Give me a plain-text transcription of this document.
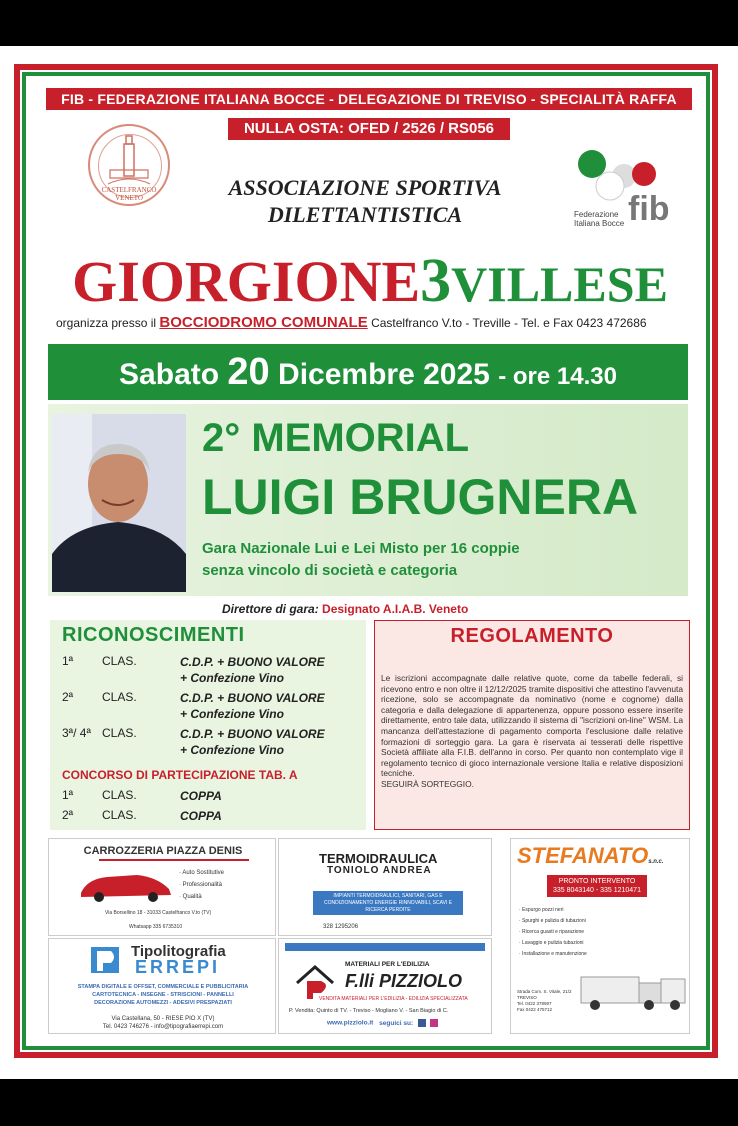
FIB - FEDERAZIONE ITALIANA BOCCE - DELEGAZIONE DI TREVISO - SPECIALITÀ RAFFA
NULLA OSTA: OFED / 2526 / RS056
CASTELFRANCO VENETO	ASSOCIAZIONE SPORTIVA
DILETTANTISTICA	Federazione
Italiana Bocce fib
GIORGIONE3VILLESE
organizza presso il BOCCIODROMO COMUNALE Castelfranco V.to - Treville - Tel. e Fax 0423 472686
Sabato 20 Dicembre 2025 - ore 14.30
2° MEMORIAL
LUIGI BRUGNERA
Gara Nazionale Lui e Lei Misto per 16 coppie
senza vincolo di società e categoria
Direttore di gara: Designato A.I.A.B. Veneto
RICONOSCIMENTI
1ª	CLAS.	C.D.P. + BUONO VALORE
+ Confezione Vino
2ª	CLAS.	C.D.P. + BUONO VALORE
+ Confezione Vino
3ª/ 4ª CLAS.	C.D.P. + BUONO VALORE
+ Confezione Vino
CONCORSO DI PARTECIPAZIONE TAB. A
1ª	CLAS.	COPPA
2ª	CLAS.	COPPA
REGOLAMENTO
Le iscrizioni accompagnate dalle relative quote, come da tabelle federali, si ricevono entro e non oltre il 12/12/2025 tramite dispositivi che attestino l'avvenuta ricezione, solo se accompagnate da nominativo (nome e cognome) dalla categoria e dalla delegazione di appartenenza, oppure possono essere inserite direttamente, entro tale data, utilizzando il sistema di "iscrizioni on-line" WSM. La mancanza dell'attestazione di pagamento comporta l'esclusione dalle relative formazioni di sorteggio gara. La gara è riservata ai tesserati delle rispettive Società affiliate alla F.I.B. dell'anno in corso. Per quanto non contemplato vige il regolamento tecnico di gioco internazionale versione Italia e relative disposizioni tecniche.
SEGUIRÀ SORTEGGIO.
CARROZZERIA PIAZZA DENIS
· Auto Sostitutive
· Professionalità
· Qualità
Via Borsellino 18 - 31033 Castelfranco V.to (TV)
Whatsapp 335 6735310
TERMOIDRAULICA
TONIOLO ANDREA
IMPIANTI TERMOIDRAULICI, SANITARI, GAS E CONDIZIONAMENTO ENERGIE RINNOVABILI, SCAVI E RICERCA PERDITE
328 1295206
STEFANATOs.n.c.
PRONTO INTERVENTO
335 8043140 - 335 1210471
· Espurgo pozzi neri
· Spurghi e pulizia di tubazioni
· Ricerca guasti e riparazione
· Lavaggio e pulizia tubazioni
· Installazione e manutenzione
Strada Com. S. Vitale, 21/2 TREVISO
Tel. 0422 378997
Fax 0422 475712
Tipolitografia
ERREPI
STAMPA DIGITALE E OFFSET, COMMERCIALE E PUBBLICITARIA
CARTOTECNICA - INSEGNE - STRISCIONI - PANNELLI
DECORAZIONE AUTOMEZZI - ADESIVI PRESPAZIATI
Via Castellana, 50 - RIESE PIO X (TV)
Tel. 0423 746276 - info@tipografiaerrepi.com
MATERIALI PER L'EDILIZIA
F.lli PIZZIOLO
VENDITA MATERIALI PER L'EDILIZIA - EDILIZIA SPECIALIZZATA
P. Vendita: Quinto di TV. - Treviso - Mogliano V. - San Biagio di C.
www.pizziolo.it seguici su:
